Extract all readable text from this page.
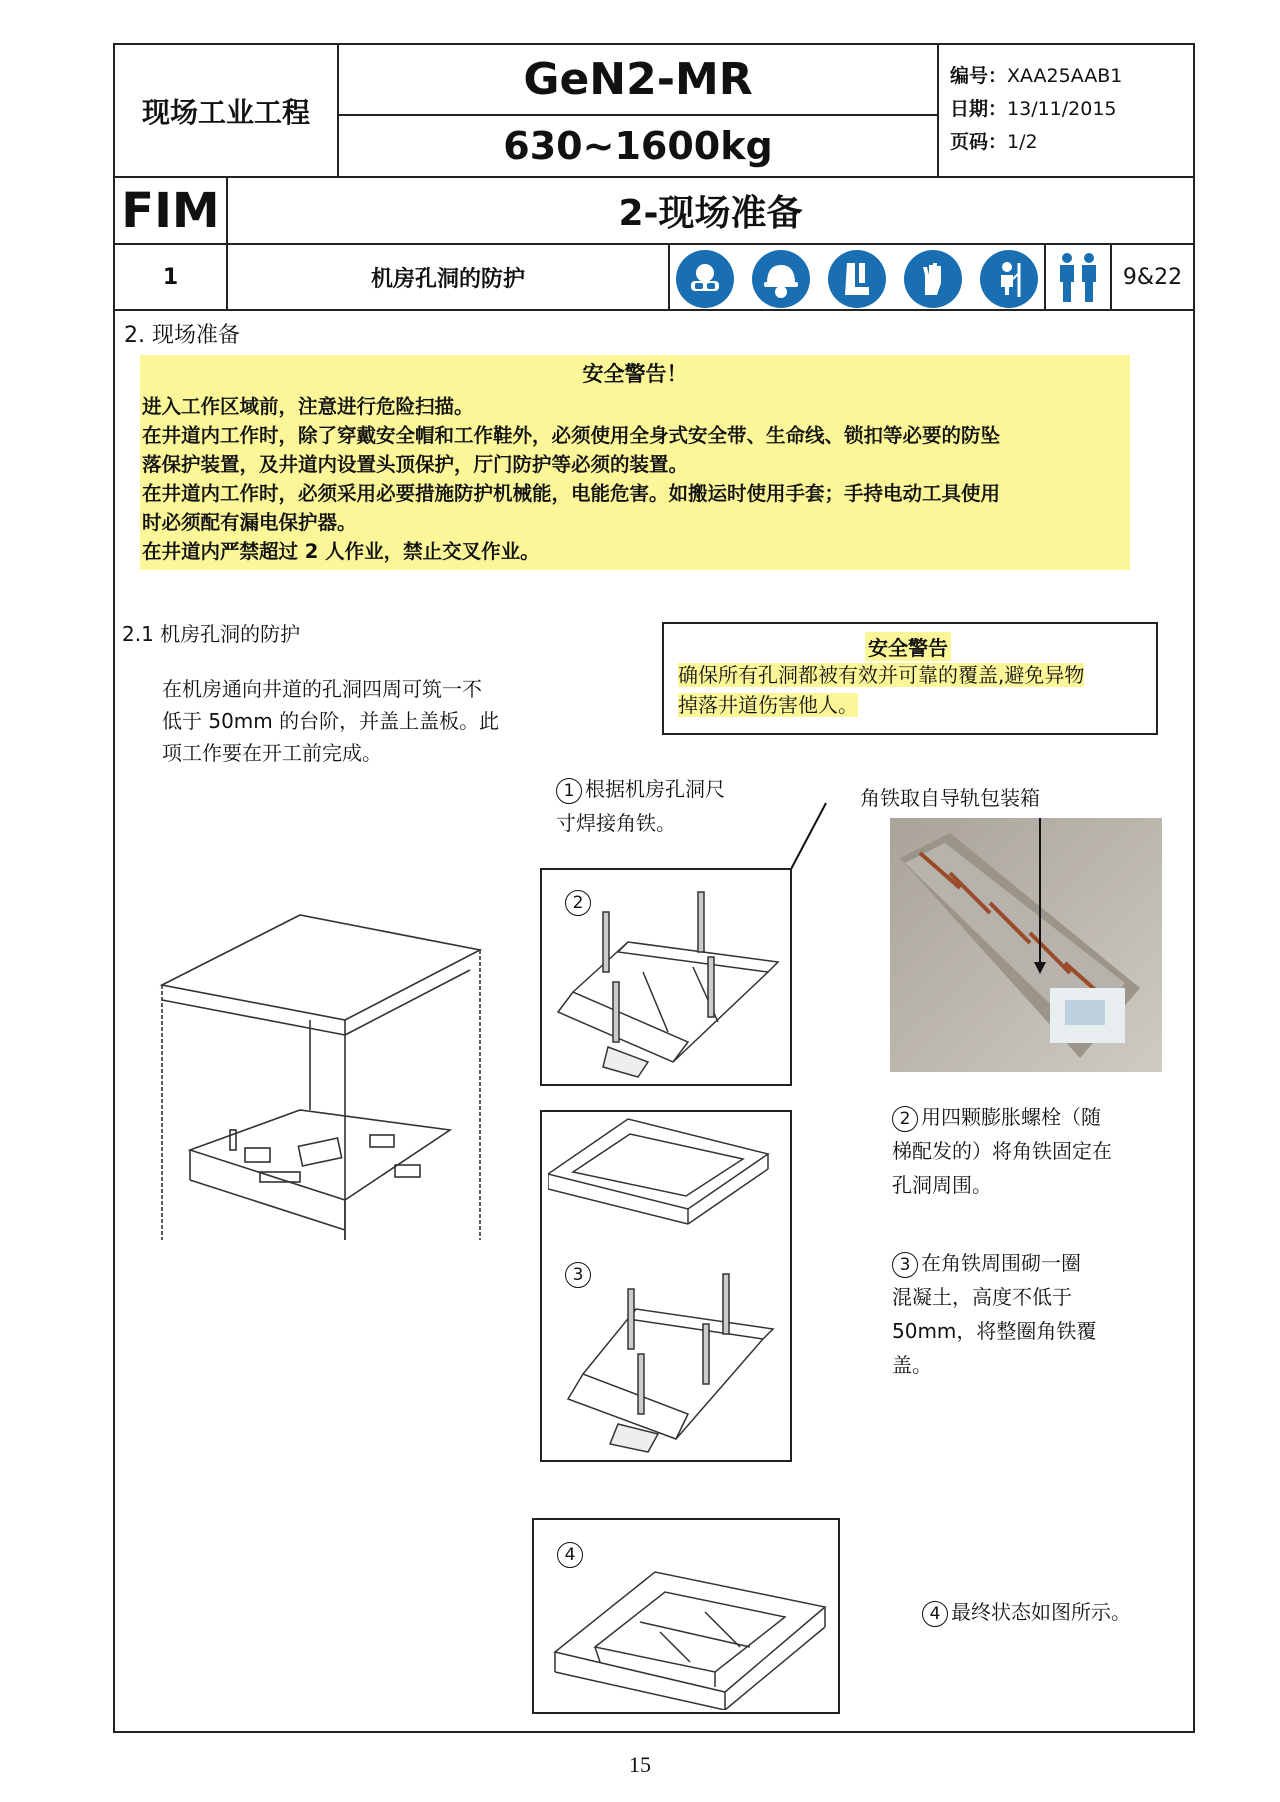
现场工业工程
GeN2-MR
630~1600kg
编号：XAA25AAB1
日期：13/11/2015
页码：1/2
FIM	2-现场准备
1	机房孔洞的防护	9&22
2. 现场准备
安全警告！
进入工作区域前，注意进行危险扫描。
在井道内工作时，除了穿戴安全帽和工作鞋外，必须使用全身式安全带、生命线、锁扣等必要的防坠
落保护装置，及井道内设置头顶保护，厅门防护等必须的装置。
在井道内工作时，必须采用必要措施防护机械能，电能危害。如搬运时使用手套；手持电动工具使用
时必须配有漏电保护器。
在井道内严禁超过 2 人作业，禁止交叉作业。
2.1 机房孔洞的防护
在机房通向井道的孔洞四周可筑一不
低于 50mm 的台阶，并盖上盖板。此
项工作要在开工前完成。
安全警告
确保所有孔洞都被有效并可靠的覆盖,避免异物
掉落井道伤害他人。
1 根据机房孔洞尺
寸焊接角铁。
角铁取自导轨包装箱
2
2 用四颗膨胀螺栓（随
梯配发的）将角铁固定在
孔洞周围。
3
3 在角铁周围砌一圈
混凝土，高度不低于
50mm，将整圈角铁覆
盖。
4
4 最终状态如图所示。
15
